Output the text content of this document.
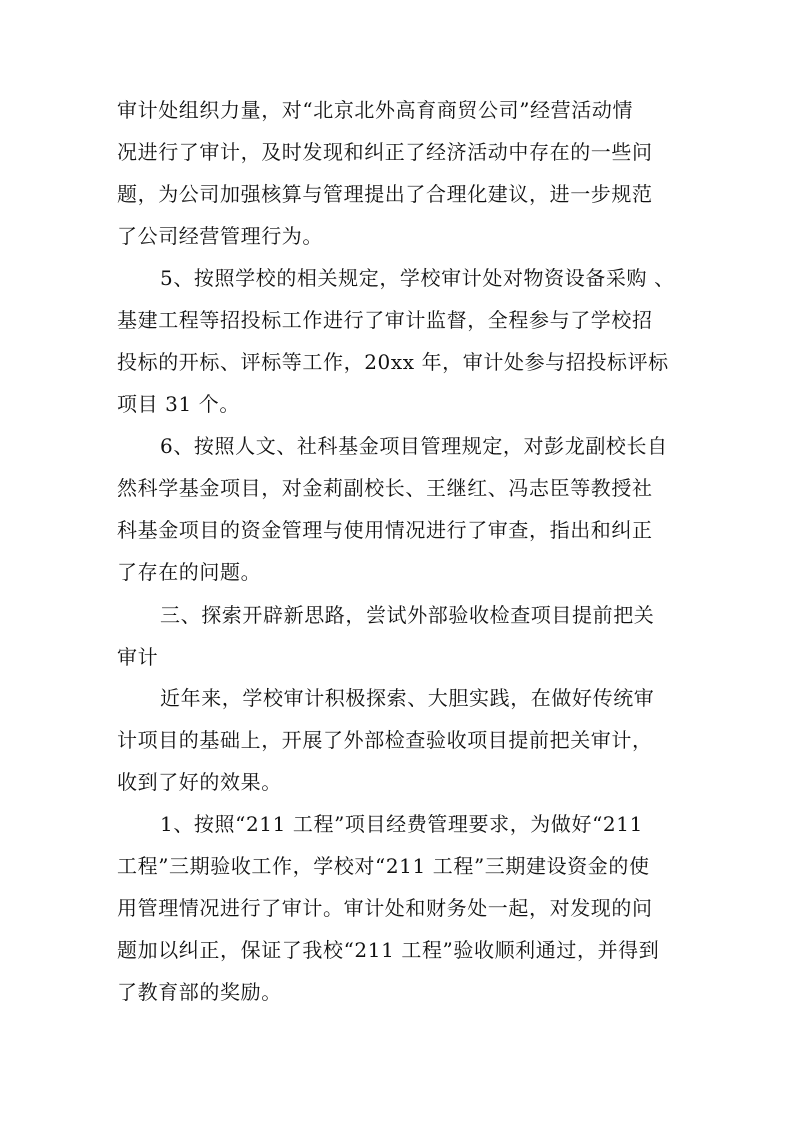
审计处组织力量，对“北京北外高育商贸公司”经营活动情
况进行了审计，及时发现和纠正了经济活动中存在的一些问
题，为公司加强核算与管理提出了合理化建议，进一步规范
了公司经营管理行为。
5、按照学校的相关规定，学校审计处对物资设备采购 、
基建工程等招投标工作进行了审计监督，全程参与了学校招
投标的开标、评标等工作，20xx 年，审计处参与招投标评标
项目 31 个。
6、按照人文、社科基金项目管理规定，对彭龙副校长自
然科学基金项目，对金莉副校长、王继红、冯志臣等教授社
科基金项目的资金管理与使用情况进行了审查，指出和纠正
了存在的问题。
三、探索开辟新思路，尝试外部验收检查项目提前把关
审计
近年来，学校审计积极探索、大胆实践，在做好传统审
计项目的基础上，开展了外部检查验收项目提前把关审计，
收到了好的效果。
1、按照“211 工程”项目经费管理要求，为做好“211
工程”三期验收工作，学校对“211 工程”三期建设资金的使
用管理情况进行了审计。审计处和财务处一起，对发现的问
题加以纠正，保证了我校“211 工程”验收顺利通过，并得到
了教育部的奖励。
